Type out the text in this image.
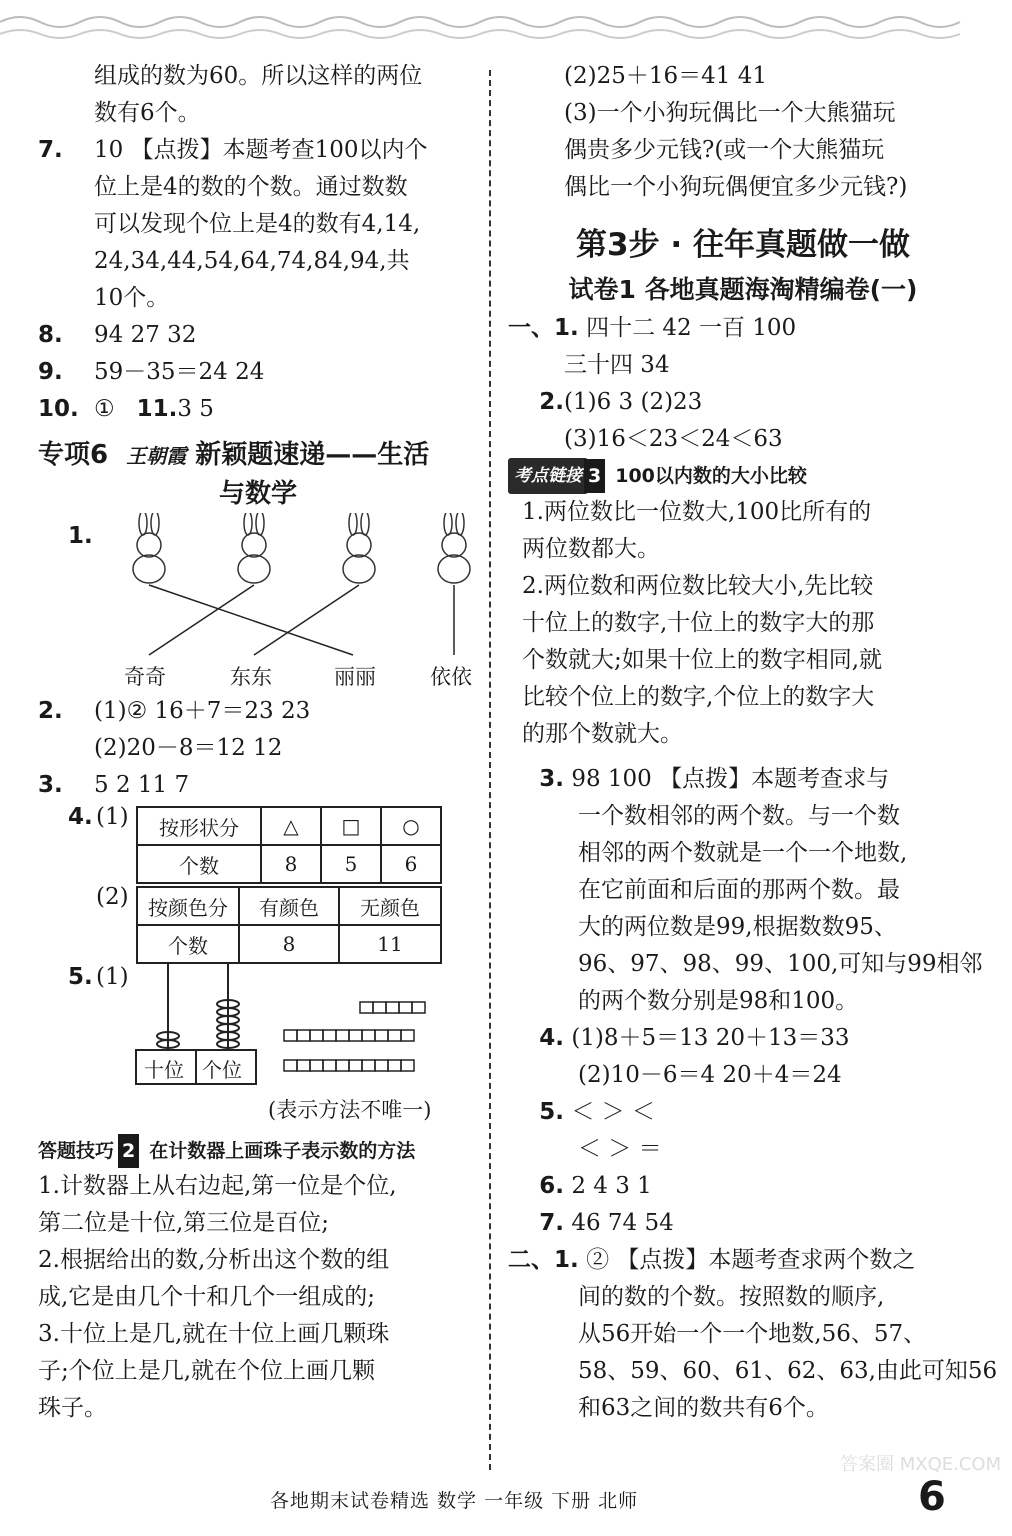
组成的数为60。所以这样的两位
数有6个。
7. 10 【点拨】本题考查100以内个
位上是4的数的个数。通过数数
可以发现个位上是4的数有4,14,
24,34,44,54,64,74,84,94,共
10个。
8. 94 27 32
9. 59－35＝24 24
10. ① 11.3 5
专项6 王朝霞 新颖题速递——生活
与数学
1.
奇奇	东东	丽丽	依依
2. (1)② 16＋7＝23 23
(2)20－8＝12 12
3. 5 2 11 7
4. (1) 按形状分	△	□	○
个数	8	5	6
(2) 按颜色分	有颜色	无颜色
个数	8	11
5. (1)
十位 个位
(表示方法不唯一)
答题技巧 2 在计数器上画珠子表示数的方法
1.计数器上从右边起,第一位是个位,
第二位是十位,第三位是百位;
2.根据给出的数,分析出这个数的组
成,它是由几个十和几个一组成的;
3.十位上是几,就在十位上画几颗珠
子;个位上是几,就在个位上画几颗
珠子。
(2)25＋16＝41 41
(3)一个小狗玩偶比一个大熊猫玩
偶贵多少元钱?(或一个大熊猫玩
偶比一个小狗玩偶便宜多少元钱?)
第3步 · 往年真题做一做
试卷1 各地真题海淘精编卷(一)
一、1. 四十二 42 一百 100
三十四 34
2.(1)6 3 (2)23
(3)16＜23＜24＜63
考点链接 3 100以内数的大小比较
1.两位数比一位数大,100比所有的
两位数都大。
2.两位数和两位数比较大小,先比较
十位上的数字,十位上的数字大的那
个数就大;如果十位上的数字相同,就
比较个位上的数字,个位上的数字大
的那个数就大。
3. 98 100 【点拨】本题考查求与
一个数相邻的两个数。与一个数
相邻的两个数就是一个一个地数,
在它前面和后面的那两个数。最
大的两位数是99,根据数数95、
96、97、98、99、100,可知与99相邻
的两个数分别是98和100。
4. (1)8＋5＝13 20＋13＝33
(2)10－6＝4 20＋4＝24
5. ＜ ＞ ＜
＜ ＞ ＝
6. 2 4 3 1
7. 46 74 54
二、1. ② 【点拨】本题考查求两个数之
间的数的个数。按照数的顺序,
从56开始一个一个地数,56、57、
58、59、60、61、62、63,由此可知56
和63之间的数共有6个。
各地期末试卷精选 数学 一年级 下册 北师	6
答案圈 MXQE.COM
